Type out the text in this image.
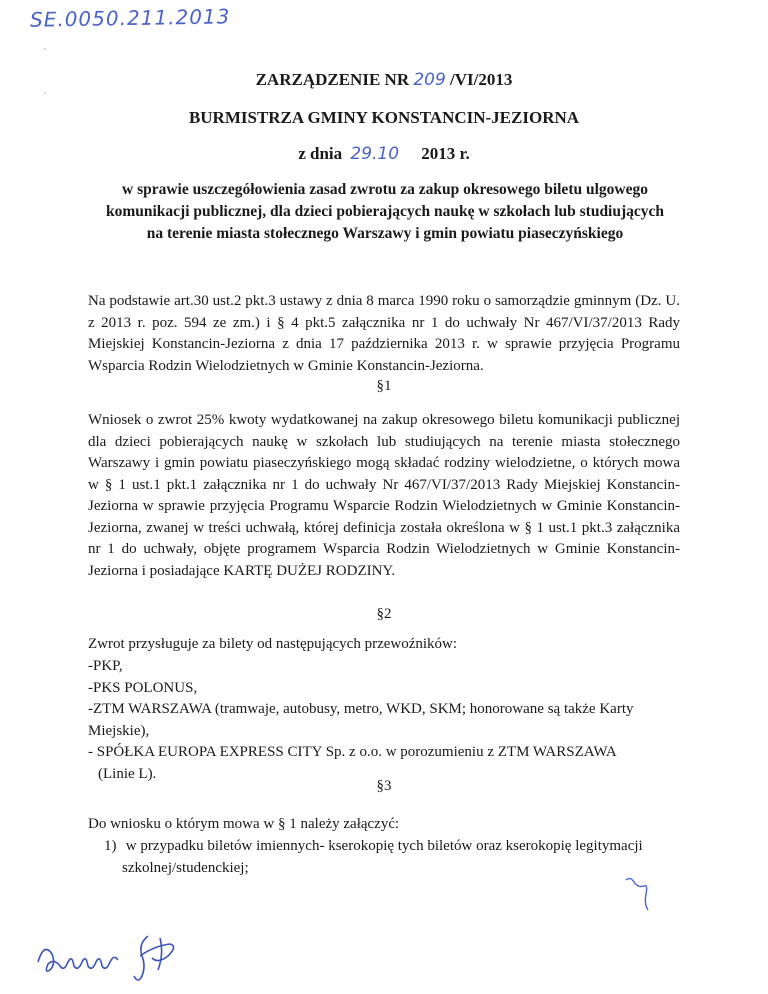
SE.0050.211.2013
ZARZĄDZENIE NR 209 /VI/2013
BURMISTRZA GMINY KONSTANCIN-JEZIORNA
z dnia 29.10 2013 r.
w sprawie uszczegółowienia zasad zwrotu za zakup okresowego biletu ulgowego komunikacji publicznej, dla dzieci pobierających naukę w szkołach lub studiujących na terenie miasta stołecznego Warszawy i gmin powiatu piaseczyńskiego
Na podstawie art.30 ust.2 pkt.3 ustawy z dnia 8 marca 1990 roku o samorządzie gminnym (Dz. U. z 2013 r. poz. 594 ze zm.) i § 4 pkt.5 załącznika nr 1 do uchwały Nr 467/VI/37/2013 Rady Miejskiej Konstancin-Jeziorna z dnia 17 października 2013 r. w sprawie przyjęcia Programu Wsparcia Rodzin Wielodzietnych w Gminie Konstancin-Jeziorna.
§1
Wniosek o zwrot 25% kwoty wydatkowanej na zakup okresowego biletu komunikacji publicznej dla dzieci pobierających naukę w szkołach lub studiujących na terenie miasta stołecznego Warszawy i gmin powiatu piaseczyńskiego mogą składać rodziny wielodzietne, o których mowa w § 1 ust.1 pkt.1 załącznika nr 1 do uchwały Nr 467/VI/37/2013 Rady Miejskiej Konstancin-Jeziorna w sprawie przyjęcia Programu Wsparcie Rodzin Wielodzietnych w Gminie Konstancin-Jeziorna, zwanej w treści uchwałą, której definicja została określona w § 1 ust.1 pkt.3 załącznika nr 1 do uchwały, objęte programem Wsparcia Rodzin Wielodzietnych w Gminie Konstancin-Jeziorna i posiadające KARTĘ DUŻEJ RODZINY.
§2
Zwrot przysługuje za bilety od następujących przewoźników:
-PKP,
-PKS POLONUS,
-ZTM WARSZAWA (tramwaje, autobusy, metro, WKD, SKM; honorowane są także Karty Miejskie),
- SPÓŁKA EUROPA EXPRESS CITY Sp. z o.o. w porozumieniu z ZTM WARSZAWA
(Linie L).
§3
Do wniosku o którym mowa w § 1 należy załączyć:
1) w przypadku biletów imiennych- kserokopię tych biletów oraz kserokopię legitymacji
szkolnej/studenckiej;
